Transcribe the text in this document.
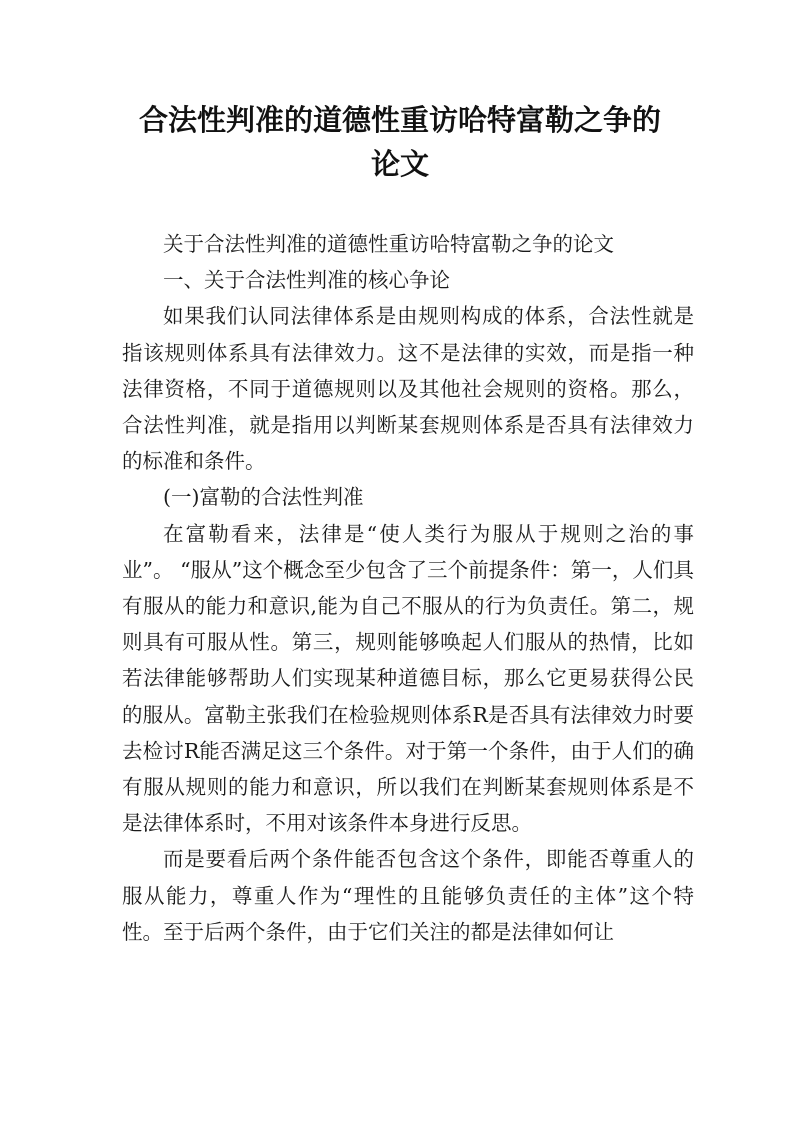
合法性判准的道德性重访哈特富勒之争的
论文

关于合法性判准的道德性重访哈特富勒之争的论文

一、关于合法性判准的核心争论

如果我们认同法律体系是由规则构成的体系，合法性就是指该规则体系具有法律效力。这不是法律的实效，而是指一种法律资格，不同于道德规则以及其他社会规则的资格。那么，合法性判准，就是指用以判断某套规则体系是否具有法律效力的标准和条件。

(一)富勒的合法性判准

在富勒看来，法律是“使人类行为服从于规则之治的事业”。 “服从”这个概念至少包含了三个前提条件：第一，人们具有服从的能力和意识,能为自己不服从的行为负责任。第二，规则具有可服从性。第三，规则能够唤起人们服从的热情，比如若法律能够帮助人们实现某种道德目标，那么它更易获得公民的服从。富勒主张我们在检验规则体系R是否具有法律效力时要去检讨R能否满足这三个条件。对于第一个条件，由于人们的确有服从规则的能力和意识，所以我们在判断某套规则体系是不是法律体系时，不用对该条件本身进行反思。

而是要看后两个条件能否包含这个条件，即能否尊重人的服从能力，尊重人作为“理性的且能够负责任的主体”这个特性。至于后两个条件，由于它们关注的都是法律如何让
